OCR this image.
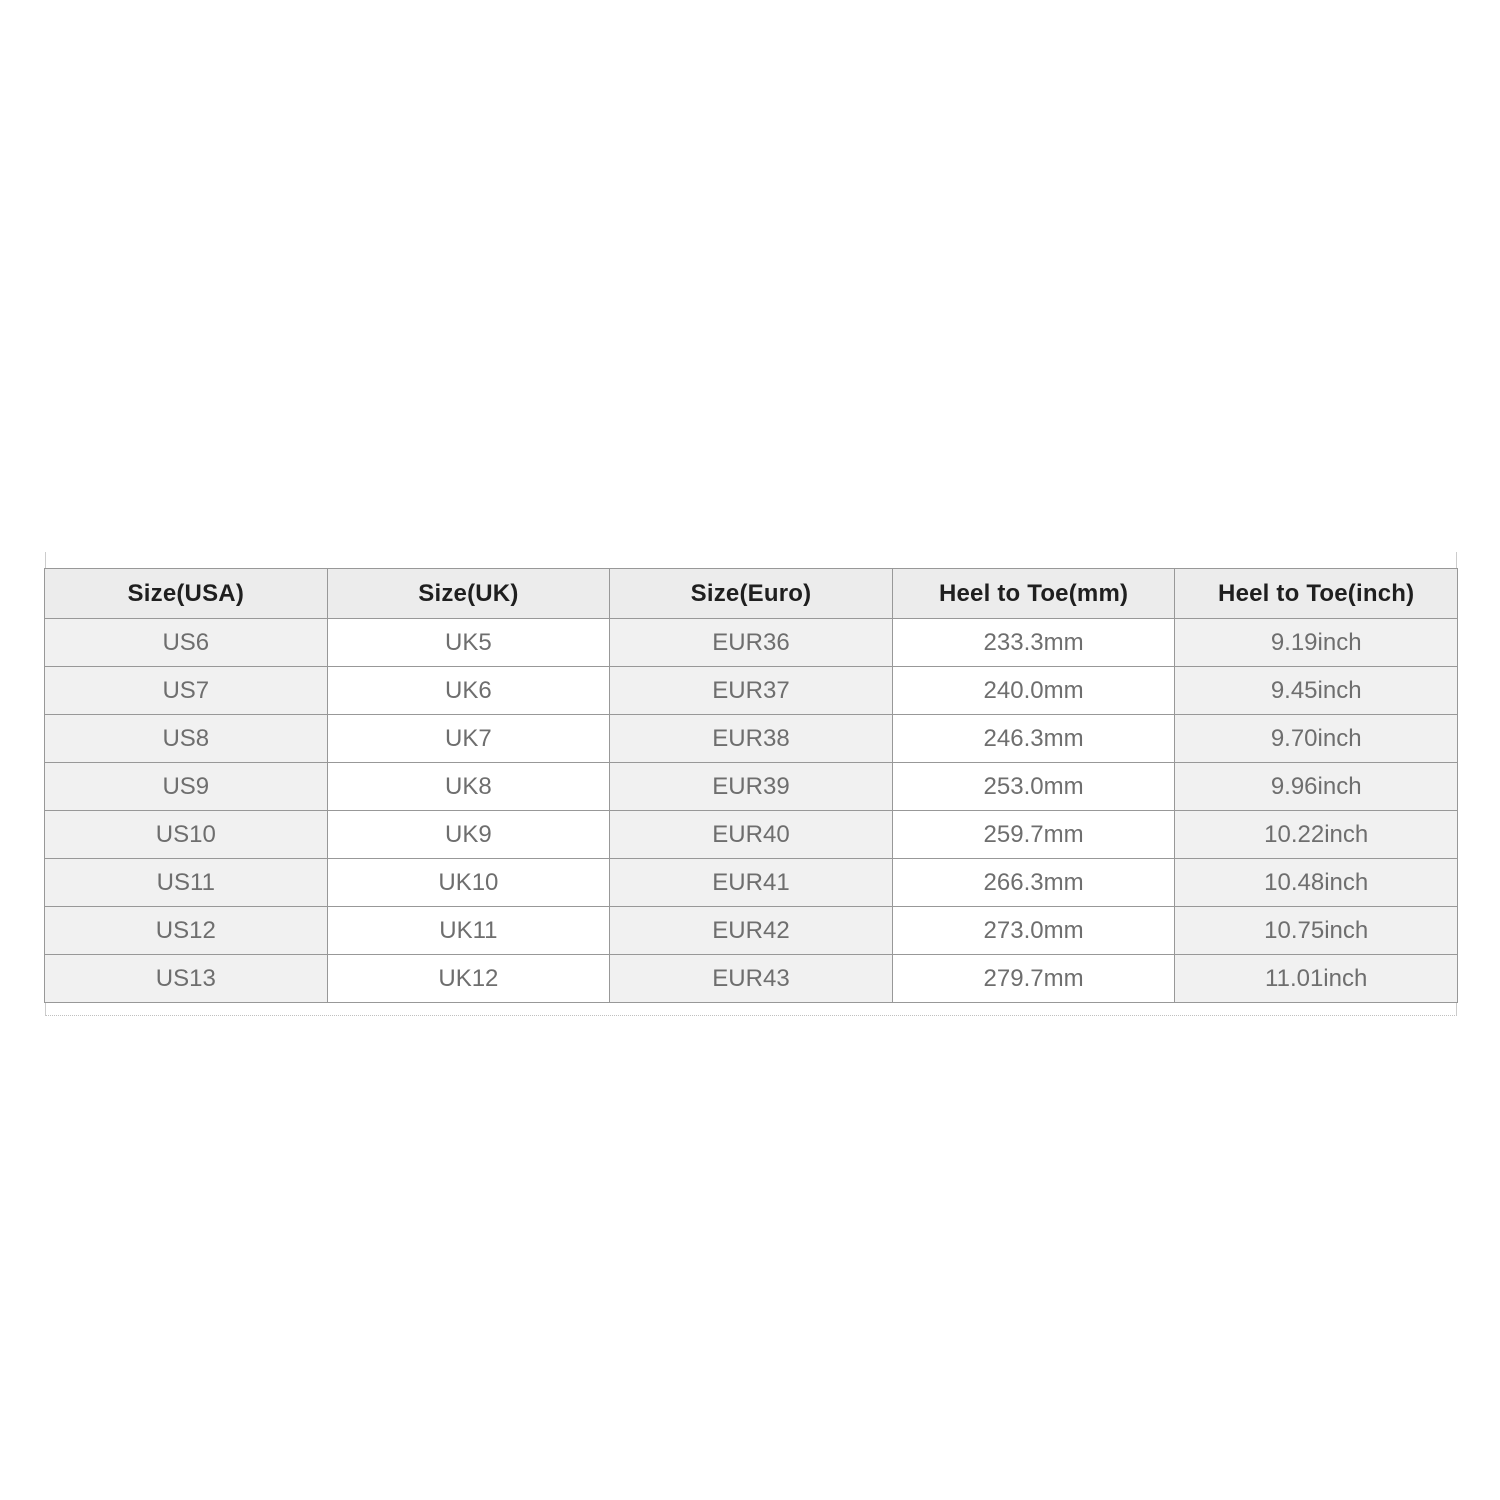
Size(USA)	Size(UK)	Size(Euro)	Heel to Toe(mm)	Heel to Toe(inch)
US6	UK5	EUR36	233.3mm	9.19inch
US7	UK6	EUR37	240.0mm	9.45inch
US8	UK7	EUR38	246.3mm	9.70inch
US9	UK8	EUR39	253.0mm	9.96inch
US10	UK9	EUR40	259.7mm	10.22inch
US11	UK10	EUR41	266.3mm	10.48inch
US12	UK11	EUR42	273.0mm	10.75inch
US13	UK12	EUR43	279.7mm	11.01inch
